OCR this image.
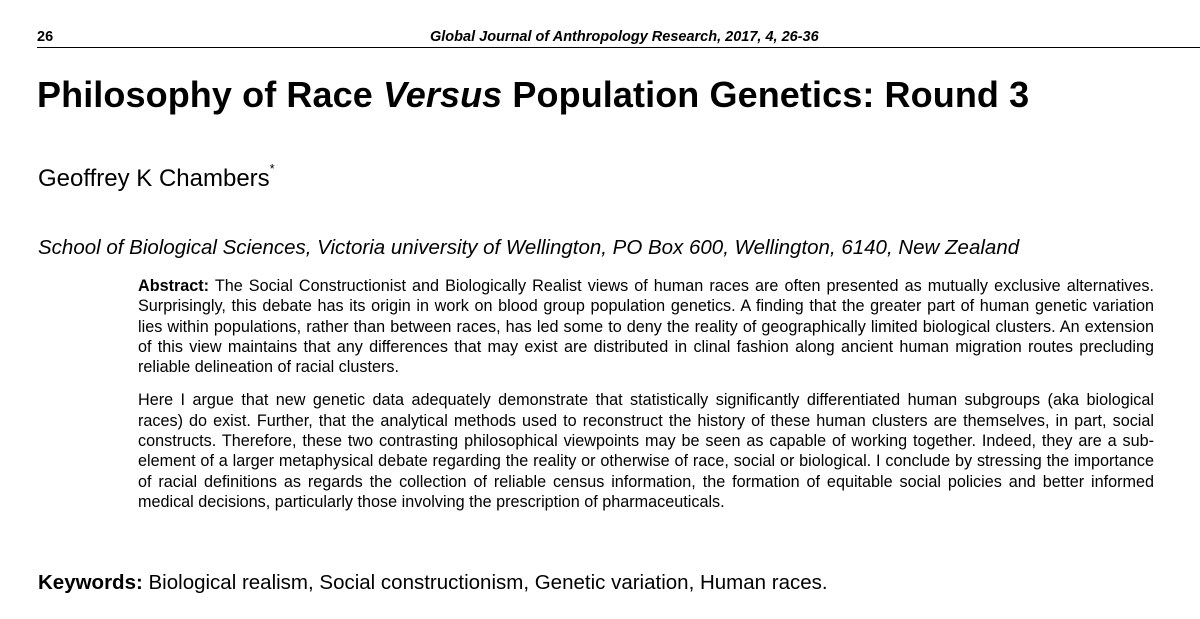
26	Global Journal of Anthropology Research, 2017, 4, 26-36
Philosophy of Race Versus Population Genetics: Round 3
Geoffrey K Chambers*
School of Biological Sciences, Victoria university of Wellington, PO Box 600, Wellington, 6140, New Zealand

Abstract: The Social Constructionist and Biologically Realist views of human races are often presented as mutually exclusive alternatives. Surprisingly, this debate has its origin in work on blood group population genetics. A finding that the greater part of human genetic variation lies within populations, rather than between races, has led some to deny the reality of geographically limited biological clusters. An extension of this view maintains that any differences that may exist are distributed in clinal fashion along ancient human migration routes precluding reliable delineation of racial clusters.

Here I argue that new genetic data adequately demonstrate that statistically significantly differentiated human subgroups (aka biological races) do exist. Further, that the analytical methods used to reconstruct the history of these human clusters are themselves, in part, social constructs. Therefore, these two contrasting philosophical viewpoints may be seen as capable of working together. Indeed, they are a sub-element of a larger metaphysical debate regarding the reality or otherwise of race, social or biological. I conclude by stressing the importance of racial definitions as regards the collection of reliable census information, the formation of equitable social policies and better informed medical decisions, particularly those involving the prescription of pharmaceuticals.

Keywords: Biological realism, Social constructionism, Genetic variation, Human races.
